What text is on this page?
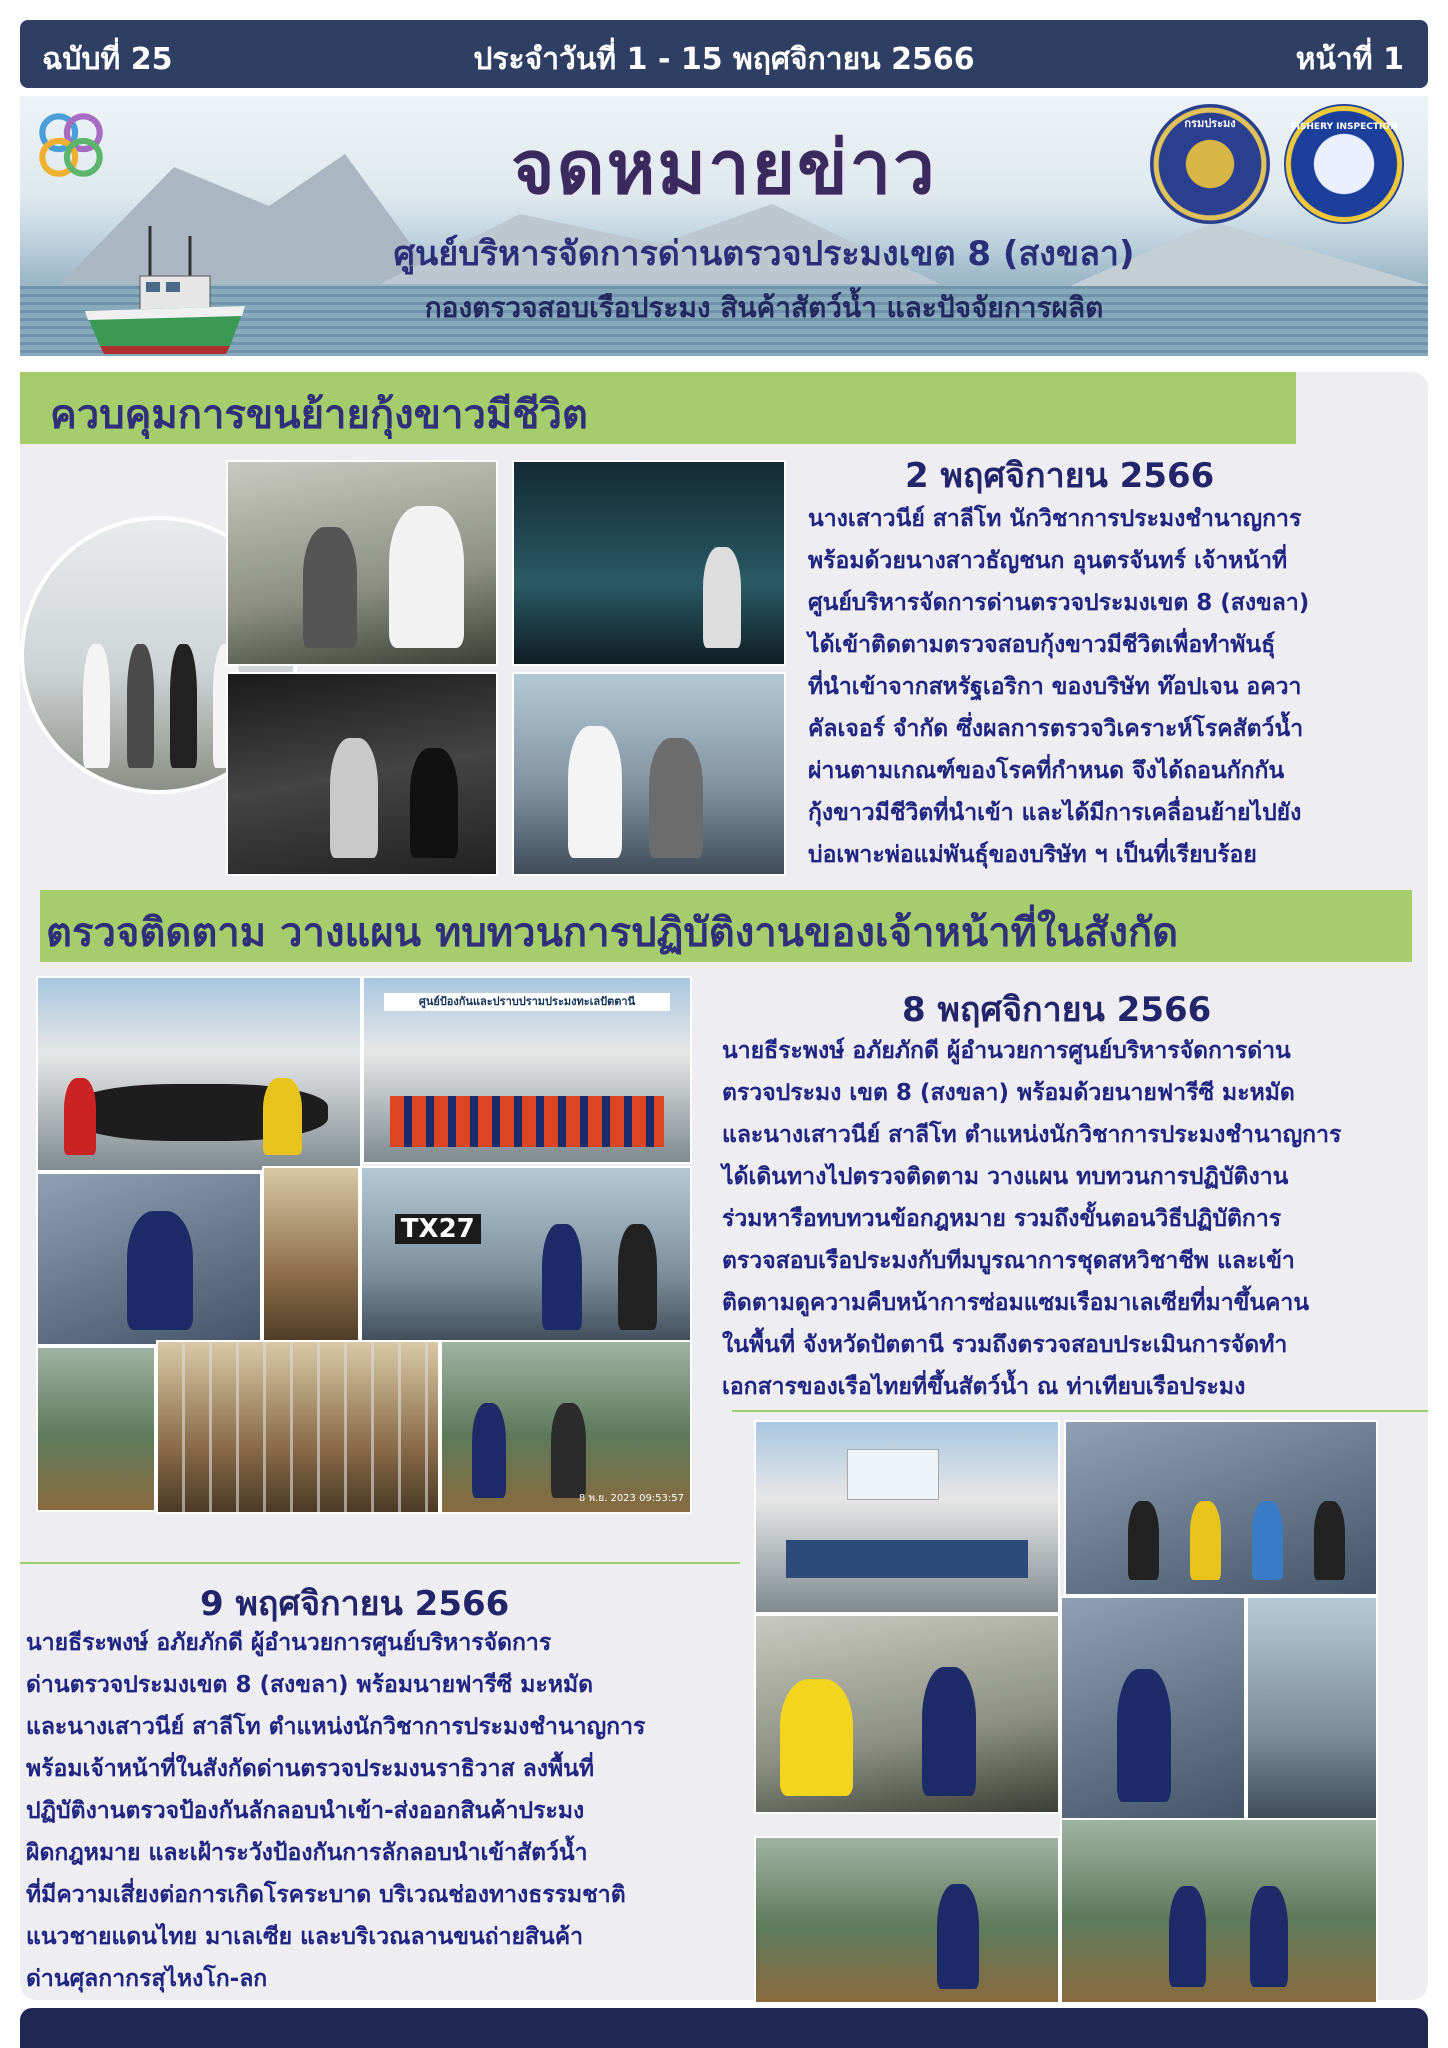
ฉบับที่ 25	ประจำวันที่ 1 - 15 พฤศจิกายน 2566	หน้าที่ 1
จดหมายข่าว
ศูนย์บริหารจัดการด่านตรวจประมงเขต 8 (สงขลา)
กองตรวจสอบเรือประมง สินค้าสัตว์น้ำ และปัจจัยการผลิต
กรมประมง	FISHERY INSPECTION
ควบคุมการขนย้ายกุ้งขาวมีชีวิต
2 พฤศจิกายน 2566
นางเสาวนีย์ สาลีโท นักวิชาการประมงชำนาญการ
พร้อมด้วยนางสาวธัญชนก อุนตรจันทร์ เจ้าหน้าที่
ศูนย์บริหารจัดการด่านตรวจประมงเขต 8 (สงขลา)
ได้เข้าติดตามตรวจสอบกุ้งขาวมีชีวิตเพื่อทำพันธุ์
ที่นำเข้าจากสหรัฐเอริกา ของบริษัท ท๊อปเจน อควา
คัลเจอร์ จำกัด ซึ่งผลการตรวจวิเคราะห์โรคสัตว์น้ำ
ผ่านตามเกณฑ์ของโรคที่กำหนด จึงได้ถอนกักกัน
กุ้งขาวมีชีวิตที่นำเข้า และได้มีการเคลื่อนย้ายไปยัง
บ่อเพาะพ่อแม่พันธุ์ของบริษัท ฯ เป็นที่เรียบร้อย
ตรวจติดตาม วางแผน ทบทวนการปฏิบัติงานของเจ้าหน้าที่ในสังกัด
ศูนย์ป้องกันและปราบปรามประมงทะเลปัตตานี
TX27
8 พ.ย. 2023 09:53:57
8 พฤศจิกายน 2566
นายธีระพงษ์ อภัยภักดี ผู้อำนวยการศูนย์บริหารจัดการด่าน
ตรวจประมง เขต 8 (สงขลา) พร้อมด้วยนายฟารีซี มะหมัด
และนางเสาวนีย์ สาลีโท ตำแหน่งนักวิชาการประมงชำนาญการ
ได้เดินทางไปตรวจติดตาม วางแผน ทบทวนการปฏิบัติงาน
ร่วมหารือทบทวนข้อกฎหมาย รวมถึงขั้นตอนวิธีปฏิบัติการ
ตรวจสอบเรือประมงกับทีมบูรณาการชุดสหวิชาชีพ และเข้า
ติดตามดูความคืบหน้าการซ่อมแซมเรือมาเลเซียที่มาขึ้นคาน
ในพื้นที่ จังหวัดปัตตานี รวมถึงตรวจสอบประเมินการจัดทำ
เอกสารของเรือไทยที่ขึ้นสัตว์น้ำ ณ ท่าเทียบเรือประมง
9 พฤศจิกายน 2566
นายธีระพงษ์ อภัยภักดี ผู้อำนวยการศูนย์บริหารจัดการ
ด่านตรวจประมงเขต 8 (สงขลา) พร้อมนายฟารีซี มะหมัด
และนางเสาวนีย์ สาลีโท ตำแหน่งนักวิชาการประมงชำนาญการ
พร้อมเจ้าหน้าที่ในสังกัดด่านตรวจประมงนราธิวาส ลงพื้นที่
ปฏิบัติงานตรวจป้องกันลักลอบนำเข้า-ส่งออกสินค้าประมง
ผิดกฎหมาย และเฝ้าระวังป้องกันการลักลอบนำเข้าสัตว์น้ำ
ที่มีความเสี่ยงต่อการเกิดโรคระบาด บริเวณช่องทางธรรมชาติ
แนวชายแดนไทย มาเลเซีย และบริเวณลานขนถ่ายสินค้า
ด่านศุลกากรสุไหงโก-ลก
